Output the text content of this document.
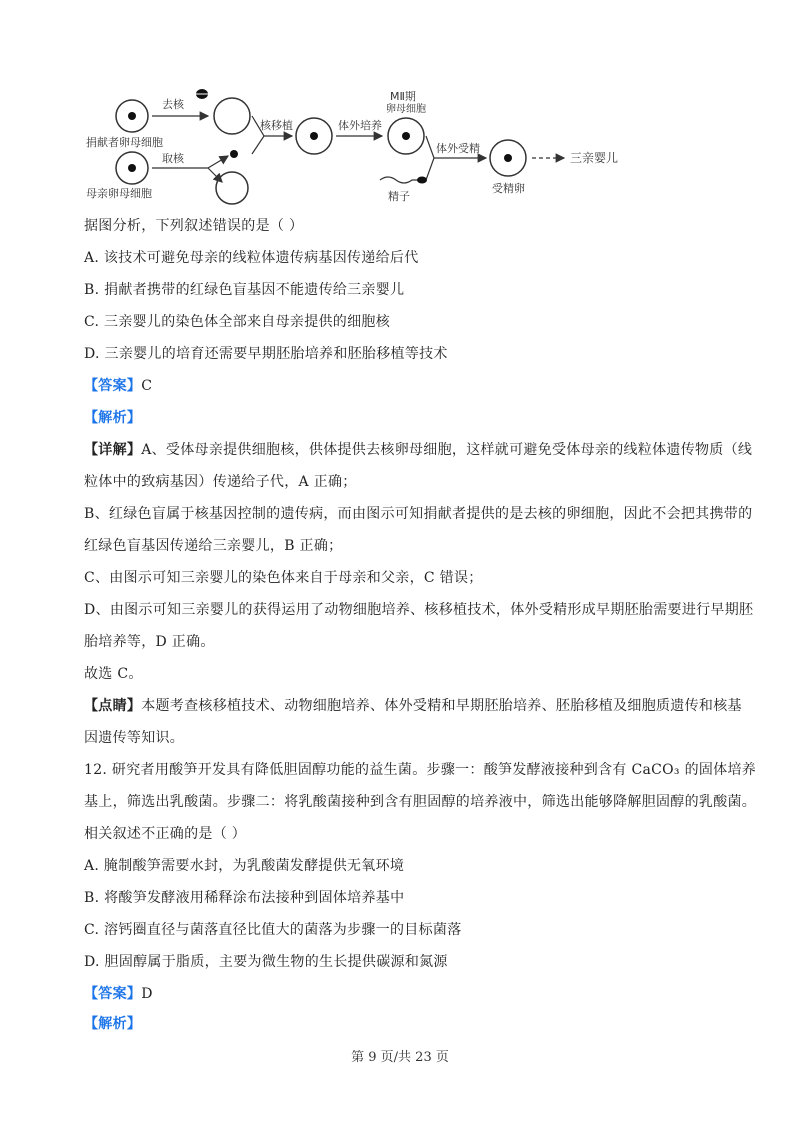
捐献者卵母细胞
去核
母亲卵母细胞
取核
核移植	体外培养
MⅡ期
卵母细胞
体外受精
精子
受精卵
三亲婴儿
据图分析，下列叙述错误的是（ ）
A. 该技术可避免母亲的线粒体遗传病基因传递给后代
B. 捐献者携带的红绿色盲基因不能遗传给三亲婴儿
C. 三亲婴儿的染色体全部来自母亲提供的细胞核
D. 三亲婴儿的培育还需要早期胚胎培养和胚胎移植等技术
【答案】C
【解析】
【详解】A、受体母亲提供细胞核，供体提供去核卵母细胞，这样就可避免受体母亲的线粒体遗传物质（线
粒体中的致病基因）传递给子代，A 正确；
B、红绿色盲属于核基因控制的遗传病，而由图示可知捐献者提供的是去核的卵细胞，因此不会把其携带的
红绿色盲基因传递给三亲婴儿，B 正确；
C、由图示可知三亲婴儿的染色体来自于母亲和父亲，C 错误；
D、由图示可知三亲婴儿的获得运用了动物细胞培养、核移植技术，体外受精形成早期胚胎需要进行早期胚
胎培养等，D 正确。
故选 C。
【点睛】本题考查核移植技术、动物细胞培养、体外受精和早期胚胎培养、胚胎移植及细胞质遗传和核基
因遗传等知识。
12. 研究者用酸笋开发具有降低胆固醇功能的益生菌。步骤一：酸笋发酵液接种到含有 CaCO₃ 的固体培养
基上，筛选出乳酸菌。步骤二：将乳酸菌接种到含有胆固醇的培养液中，筛选出能够降解胆固醇的乳酸菌。
相关叙述不正确的是（ ）
A. 腌制酸笋需要水封，为乳酸菌发酵提供无氧环境
B. 将酸笋发酵液用稀释涂布法接种到固体培养基中
C. 溶钙圈直径与菌落直径比值大的菌落为步骤一的目标菌落
D. 胆固醇属于脂质，主要为微生物的生长提供碳源和氮源
【答案】D
【解析】
第 9 页/共 23 页
